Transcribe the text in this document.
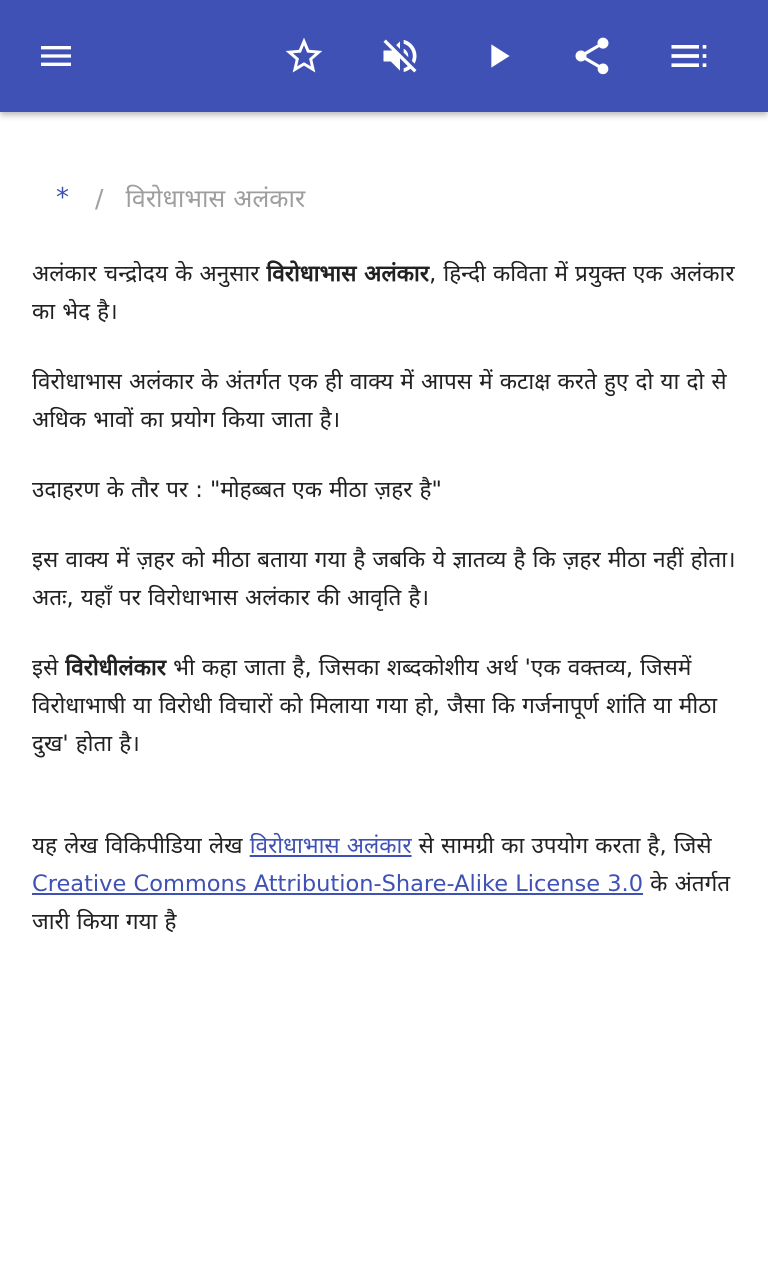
* / विरोधाभास अलंकार

अलंकार चन्द्रोदय के अनुसार विरोधाभास अलंकार, हिन्दी कविता में प्रयुक्त एक अलंकार का भेद है।

विरोधाभास अलंकार के अंतर्गत एक ही वाक्य में आपस में कटाक्ष करते हुए दो या दो से अधिक भावों का प्रयोग किया जाता है।

उदाहरण के तौर पर : "मोहब्बत एक मीठा ज़हर है"

इस वाक्य में ज़हर को मीठा बताया गया है जबकि ये ज्ञातव्य है कि ज़हर मीठा नहीं होता। अतः, यहाँ पर विरोधाभास अलंकार की आवृति है।

इसे विरोधीलंकार भी कहा जाता है, जिसका शब्दकोशीय अर्थ 'एक वक्तव्य, जिसमें विरोधाभाषी या विरोधी विचारों को मिलाया गया हो, जैसा कि गर्जनापूर्ण शांति या मीठा दुख' होता है।

यह लेख विकिपीडिया लेख विरोधाभास अलंकार से सामग्री का उपयोग करता है, जिसे Creative Commons Attribution-Share-Alike License 3.0 के अंतर्गत जारी किया गया है
